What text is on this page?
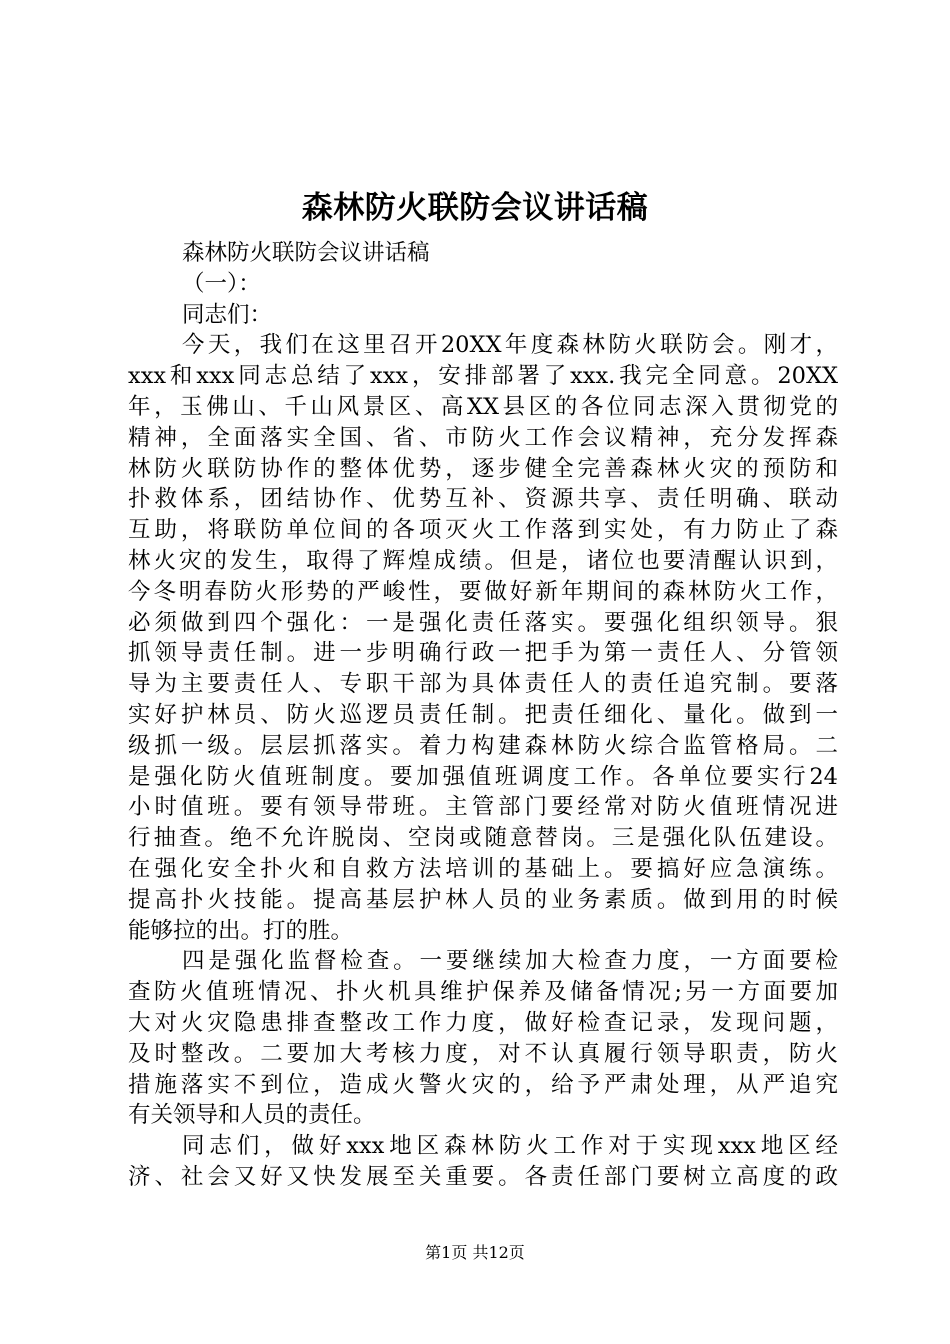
森林防火联防会议讲话稿
森林防火联防会议讲话稿
（一）：
同志们：
今天，我们在这里召开20XX年度森林防火联防会。刚才，
xxx和xxx同志总结了xxx，安排部署了xxx.我完全同意。20XX
年，玉佛山、千山风景区、高XX县区的各位同志深入贯彻党的
精神，全面落实全国、省、市防火工作会议精神，充分发挥森
林防火联防协作的整体优势，逐步健全完善森林火灾的预防和
扑救体系，团结协作、优势互补、资源共享、责任明确、联动
互助，将联防单位间的各项灭火工作落到实处，有力防止了森
林火灾的发生，取得了辉煌成绩。但是，诸位也要清醒认识到，
今冬明春防火形势的严峻性，要做好新年期间的森林防火工作，
必须做到四个强化：一是强化责任落实。要强化组织领导。狠
抓领导责任制。进一步明确行政一把手为第一责任人、分管领
导为主要责任人、专职干部为具体责任人的责任追究制。要落
实好护林员、防火巡逻员责任制。把责任细化、量化。做到一
级抓一级。层层抓落实。着力构建森林防火综合监管格局。二
是强化防火值班制度。要加强值班调度工作。各单位要实行24
小时值班。要有领导带班。主管部门要经常对防火值班情况进
行抽查。绝不允许脱岗、空岗或随意替岗。三是强化队伍建设。
在强化安全扑火和自救方法培训的基础上。要搞好应急演练。
提高扑火技能。提高基层护林人员的业务素质。做到用的时候
能够拉的出。打的胜。
四是强化监督检查。一要继续加大检查力度，一方面要检
查防火值班情况、扑火机具维护保养及储备情况;另一方面要加
大对火灾隐患排查整改工作力度，做好检查记录，发现问题，
及时整改。二要加大考核力度，对不认真履行领导职责，防火
措施落实不到位，造成火警火灾的，给予严肃处理，从严追究
有关领导和人员的责任。
同志们，做好xxx地区森林防火工作对于实现xxx地区经
济、社会又好又快发展至关重要。各责任部门要树立高度的政
第1页 共12页
